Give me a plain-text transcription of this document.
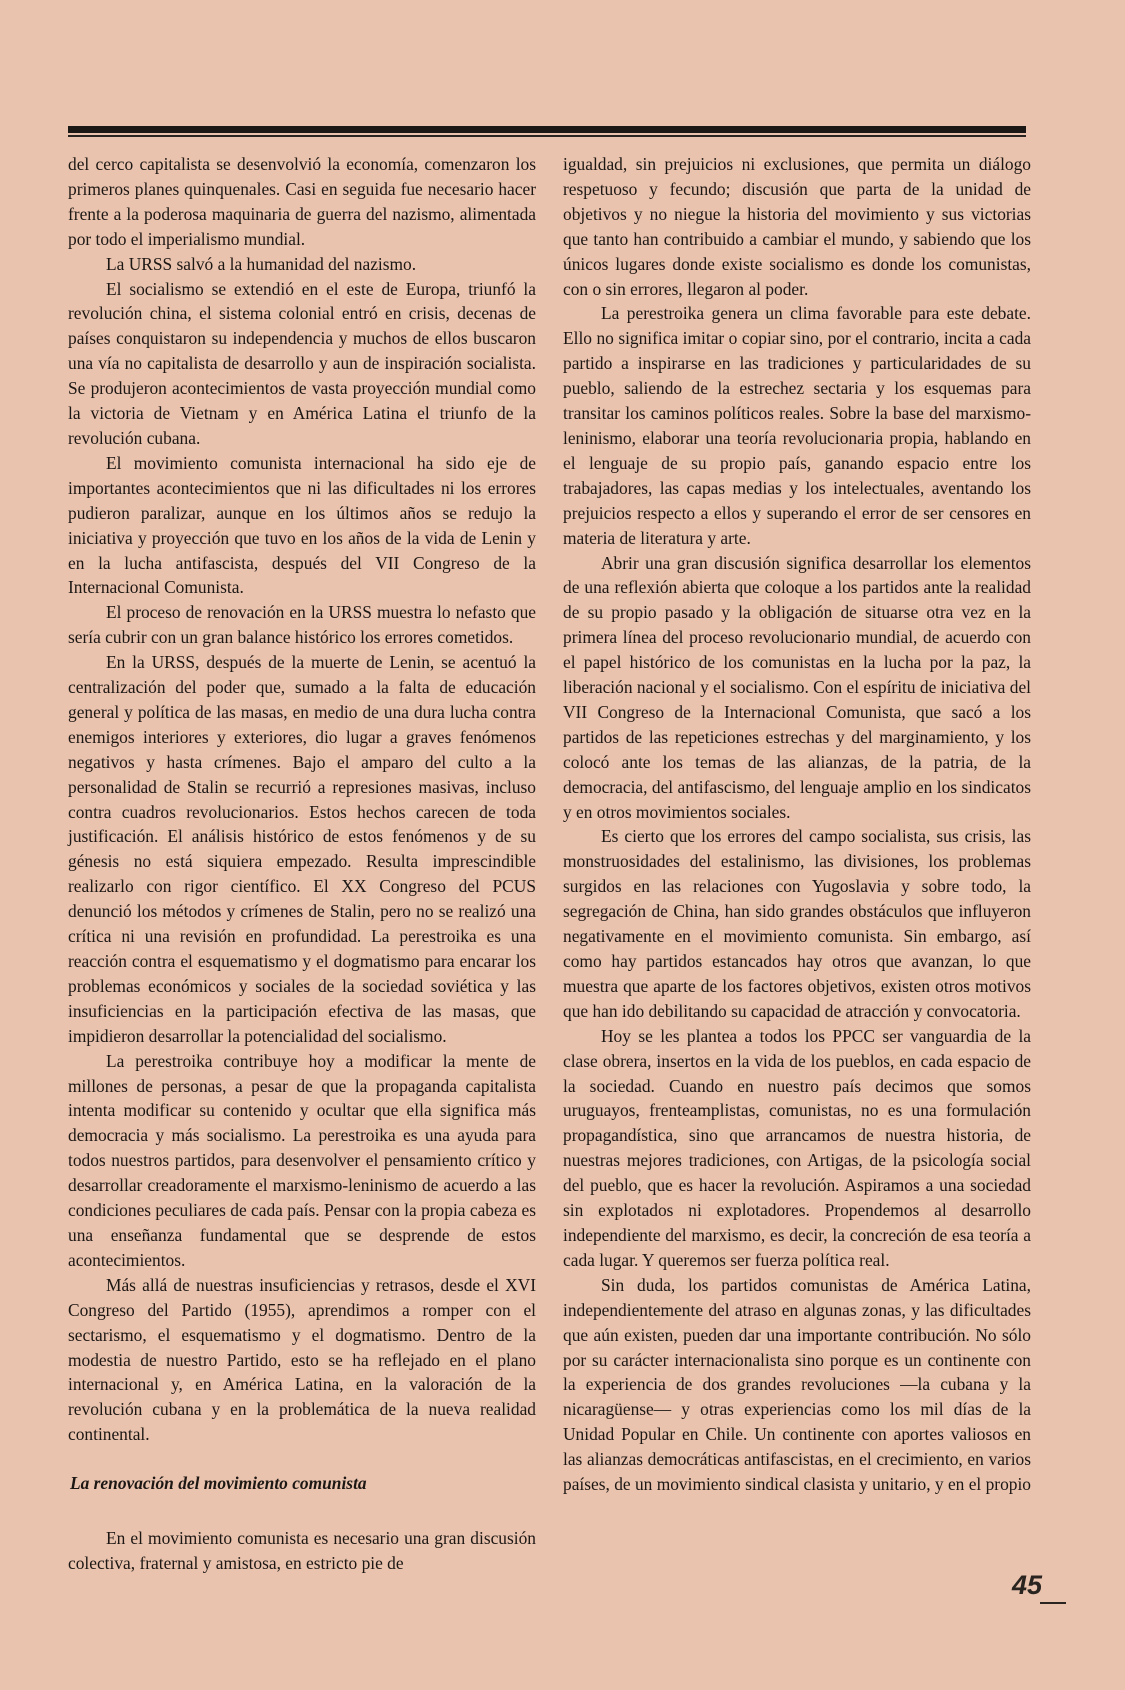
del cerco capitalista se desenvolvió la economía, comenzaron los primeros planes quinquenales. Casi en seguida fue necesario hacer frente a la poderosa maquinaria de guerra del nazismo, alimentada por todo el imperialismo mundial.

La URSS salvó a la humanidad del nazismo.

El socialismo se extendió en el este de Europa, triunfó la revolución china, el sistema colonial entró en crisis, decenas de países conquistaron su independencia y muchos de ellos buscaron una vía no capitalista de desarrollo y aun de inspiración socialista. Se produjeron acontecimientos de vasta proyección mundial como la victoria de Vietnam y en América Latina el triunfo de la revolución cubana.

El movimiento comunista internacional ha sido eje de importantes acontecimientos que ni las dificultades ni los errores pudieron paralizar, aunque en los últimos años se redujo la iniciativa y proyección que tuvo en los años de la vida de Lenin y en la lucha antifascista, después del VII Congreso de la Internacional Comunista.

El proceso de renovación en la URSS muestra lo nefasto que sería cubrir con un gran balance histórico los errores cometidos.

En la URSS, después de la muerte de Lenin, se acentuó la centralización del poder que, sumado a la falta de educación general y política de las masas, en medio de una dura lucha contra enemigos interiores y exteriores, dio lugar a graves fenómenos negativos y hasta crímenes. Bajo el amparo del culto a la personalidad de Stalin se recurrió a represiones masivas, incluso contra cuadros revolucionarios. Estos hechos carecen de toda justificación. El análisis histórico de estos fenómenos y de su génesis no está siquiera empezado. Resulta imprescindible realizarlo con rigor científico. El XX Congreso del PCUS denunció los métodos y crímenes de Stalin, pero no se realizó una crítica ni una revisión en profundidad. La perestroika es una reacción contra el esquematismo y el dogmatismo para encarar los problemas económicos y sociales de la sociedad soviética y las insuficiencias en la participación efectiva de las masas, que impidieron desarrollar la potencialidad del socialismo.

La perestroika contribuye hoy a modificar la mente de millones de personas, a pesar de que la propaganda capitalista intenta modificar su contenido y ocultar que ella significa más democracia y más socialismo. La perestroika es una ayuda para todos nuestros partidos, para desenvolver el pensamiento crítico y desarrollar creadoramente el marxismo-leninismo de acuerdo a las condiciones peculiares de cada país. Pensar con la propia cabeza es una enseñanza fundamental que se desprende de estos acontecimientos.

Más allá de nuestras insuficiencias y retrasos, desde el XVI Congreso del Partido (1955), aprendimos a romper con el sectarismo, el esquematismo y el dogmatismo. Dentro de la modestia de nuestro Partido, esto se ha reflejado en el plano internacional y, en América Latina, en la valoración de la revolución cubana y en la problemática de la nueva realidad continental.

La renovación del movimiento comunista

En el movimiento comunista es necesario una gran discusión colectiva, fraternal y amistosa, en estricto pie de

igualdad, sin prejuicios ni exclusiones, que permita un diálogo respetuoso y fecundo; discusión que parta de la unidad de objetivos y no niegue la historia del movimiento y sus victorias que tanto han contribuido a cambiar el mundo, y sabiendo que los únicos lugares donde existe socialismo es donde los comunistas, con o sin errores, llegaron al poder.

La perestroika genera un clima favorable para este debate. Ello no significa imitar o copiar sino, por el contrario, incita a cada partido a inspirarse en las tradiciones y particularidades de su pueblo, saliendo de la estrechez sectaria y los esquemas para transitar los caminos políticos reales. Sobre la base del marxismo-leninismo, elaborar una teoría revolucionaria propia, hablando en el lenguaje de su propio país, ganando espacio entre los trabajadores, las capas medias y los intelectuales, aventando los prejuicios respecto a ellos y superando el error de ser censores en materia de literatura y arte.

Abrir una gran discusión significa desarrollar los elementos de una reflexión abierta que coloque a los partidos ante la realidad de su propio pasado y la obligación de situarse otra vez en la primera línea del proceso revolucionario mundial, de acuerdo con el papel histórico de los comunistas en la lucha por la paz, la liberación nacional y el socialismo. Con el espíritu de iniciativa del VII Congreso de la Internacional Comunista, que sacó a los partidos de las repeticiones estrechas y del marginamiento, y los colocó ante los temas de las alianzas, de la patria, de la democracia, del antifascismo, del lenguaje amplio en los sindicatos y en otros movimientos sociales.

Es cierto que los errores del campo socialista, sus crisis, las monstruosidades del estalinismo, las divisiones, los problemas surgidos en las relaciones con Yugoslavia y sobre todo, la segregación de China, han sido grandes obstáculos que influyeron negativamente en el movimiento comunista. Sin embargo, así como hay partidos estancados hay otros que avanzan, lo que muestra que aparte de los factores objetivos, existen otros motivos que han ido debilitando su capacidad de atracción y convocatoria.

Hoy se les plantea a todos los PPCC ser vanguardia de la clase obrera, insertos en la vida de los pueblos, en cada espacio de la sociedad. Cuando en nuestro país decimos que somos uruguayos, frenteamplistas, comunistas, no es una formulación propagandística, sino que arrancamos de nuestra historia, de nuestras mejores tradiciones, con Artigas, de la psicología social del pueblo, que es hacer la revolución. Aspiramos a una sociedad sin explotados ni explotadores. Propendemos al desarrollo independiente del marxismo, es decir, la concreción de esa teoría a cada lugar. Y queremos ser fuerza política real.

Sin duda, los partidos comunistas de América Latina, independientemente del atraso en algunas zonas, y las dificultades que aún existen, pueden dar una importante contribución. No sólo por su carácter internacionalista sino porque es un continente con la experiencia de dos grandes revoluciones —la cubana y la nicaragüense— y otras experiencias como los mil días de la Unidad Popular en Chile. Un continente con aportes valiosos en las alianzas democráticas antifascistas, en el crecimiento, en varios países, de un movimiento sindical clasista y unitario, y en el propio

45
